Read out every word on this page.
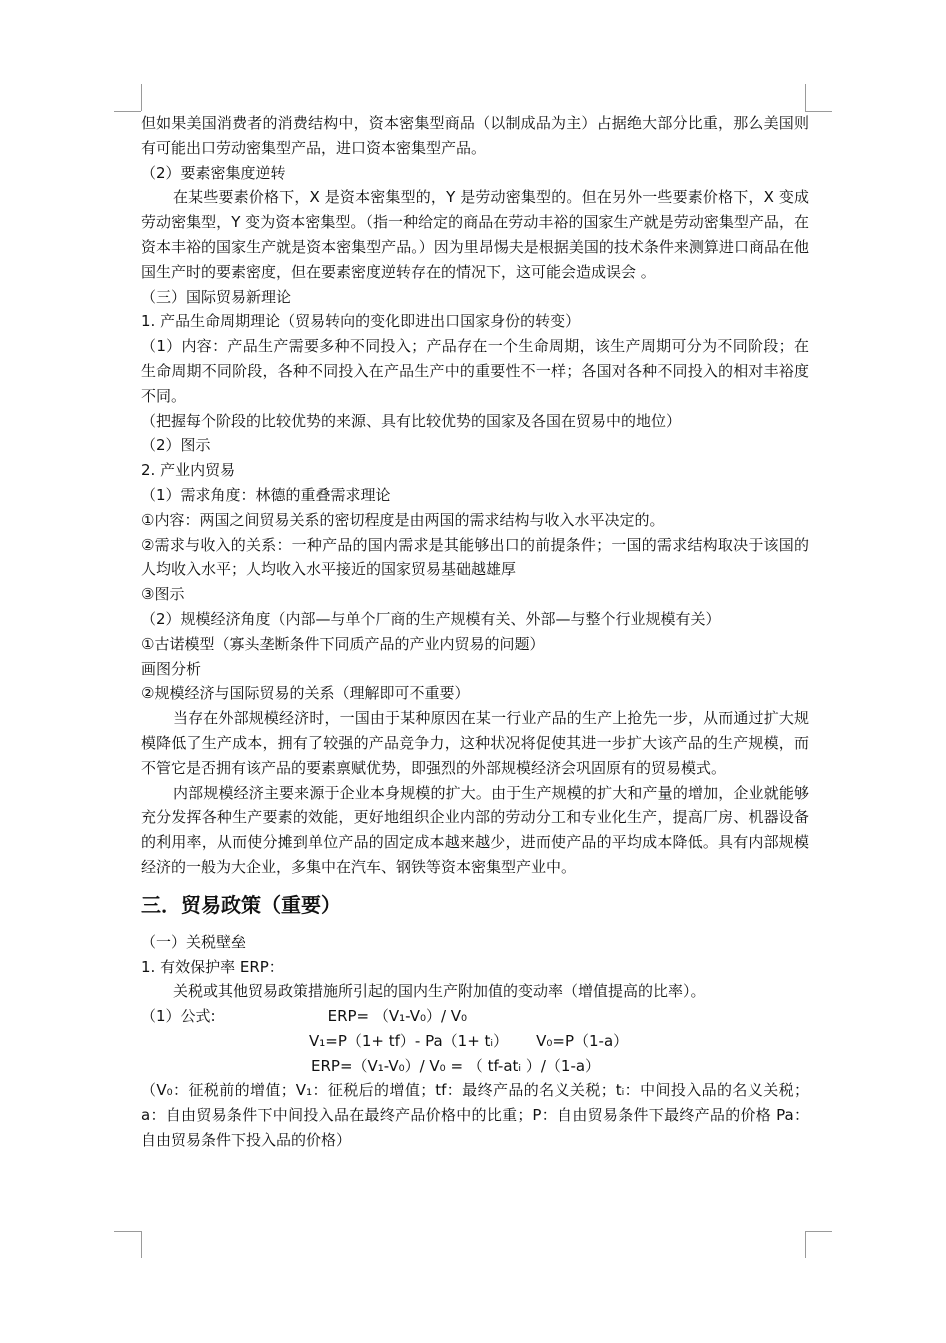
但如果美国消费者的消费结构中，资本密集型商品（以制成品为主）占据绝大部分比重，那么美国则有可能出口劳动密集型产品，进口资本密集型产品。

（2）要素密集度逆转

在某些要素价格下，X 是资本密集型的，Y 是劳动密集型的。但在另外一些要素价格下，X 变成劳动密集型，Y 变为资本密集型。（指一种给定的商品在劳动丰裕的国家生产就是劳动密集型产品，在资本丰裕的国家生产就是资本密集型产品。）因为里昂惕夫是根据美国的技术条件来测算进口商品在他国生产时的要素密度，但在要素密度逆转存在的情况下，这可能会造成误会 。

（三）国际贸易新理论

1. 产品生命周期理论（贸易转向的变化即进出口国家身份的转变）

（1）内容：产品生产需要多种不同投入；产品存在一个生命周期，该生产周期可分为不同阶段；在生命周期不同阶段，各种不同投入在产品生产中的重要性不一样；各国对各种不同投入的相对丰裕度不同。

（把握每个阶段的比较优势的来源、具有比较优势的国家及各国在贸易中的地位）

（2）图示

2. 产业内贸易

（1）需求角度：林德的重叠需求理论

①内容：两国之间贸易关系的密切程度是由两国的需求结构与收入水平决定的。

②需求与收入的关系：一种产品的国内需求是其能够出口的前提条件；一国的需求结构取决于该国的人均收入水平；人均收入水平接近的国家贸易基础越雄厚

③图示

（2）规模经济角度（内部—与单个厂商的生产规模有关、外部—与整个行业规模有关）

①古诺模型（寡头垄断条件下同质产品的产业内贸易的问题）

画图分析

②规模经济与国际贸易的关系（理解即可不重要）

当存在外部规模经济时，一国由于某种原因在某一行业产品的生产上抢先一步，从而通过扩大规模降低了生产成本，拥有了较强的产品竞争力，这种状况将促使其进一步扩大该产品的生产规模，而不管它是否拥有该产品的要素禀赋优势，即强烈的外部规模经济会巩固原有的贸易模式。

内部规模经济主要来源于企业本身规模的扩大。由于生产规模的扩大和产量的增加，企业就能够充分发挥各种生产要素的效能，更好地组织企业内部的劳动分工和专业化生产，提高厂房、机器设备的利用率，从而使分摊到单位产品的固定成本越来越少，进而使产品的平均成本降低。具有内部规模经济的一般为大企业，多集中在汽车、钢铁等资本密集型产业中。

三．贸易政策（重要）

（一）关税壁垒

1. 有效保护率 ERP：

关税或其他贸易政策措施所引起的国内生产附加值的变动率（增值提高的比率）。

（1）公式:	ERP= （V₁-V₀）/ V₀

V₁=P（1+ tf）- Pa（1+ tᵢ） V₀=P（1-a）

ERP=（V₁-V₀）/ V₀ = （ tf-atᵢ ）/（1-a）

（V₀：征税前的增值；V₁：征税后的增值；tf：最终产品的名义关税；tᵢ：中间投入品的名义关税；a：自由贸易条件下中间投入品在最终产品价格中的比重；P：自由贸易条件下最终产品的价格 Pa：自由贸易条件下投入品的价格）
